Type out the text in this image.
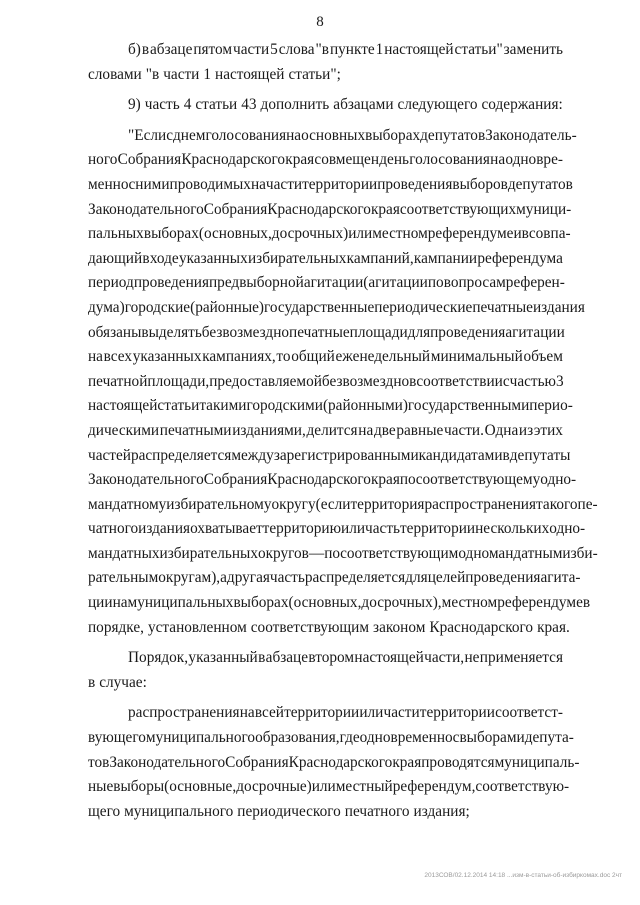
8
б) в абзаце пятом части 5 слова "в пункте 1 настоящей статьи" заменить
словами "в части 1 настоящей статьи";
9) часть 4 статьи 43 дополнить абзацами следующего содержания:
"Если с днем голосования на основных выборах депутатов Законодатель-
ного Собрания Краснодарского края совмещен день голосования на одновре-
менно с ними проводимых на части территории проведения выборов депутатов
Законодательного Собрания Краснодарского края соответствующих муници-
пальных выборах (основных, досрочных) или местном референдуме и в совпа-
дающий в ходе указанных избирательных кампаний, кампании референдума
период проведения предвыборной агитации (агитации по вопросам референ-
дума) городские (районные) государственные периодические печатные издания
обязаны выделять безвозмездно печатные площади для проведения агитации
на всех указанных кампаниях, то общий еженедельный минимальный объем
печатной площади, предоставляемой безвозмездно в соответствии с частью 3
настоящей статьи такими городскими (районными) государственными перио-
дическими печатными изданиями, делится на две равные части. Одна из этих
частей распределяется между зарегистрированными кандидатами в депутаты
Законодательного Собрания Краснодарского края по соответствующему одно-
мандатному избирательному округу (если территория распространения такого пе-
чатного издания охватывает территорию или часть территории нескольких одно-
мандатных избирательных округов — по соответствующим одномандатным изби-
рательным округам), а другая часть распределяется для целей проведения агита-
ции на муниципальных выборах (основных, досрочных), местном референдуме в
порядке, установленном соответствующим законом Краснодарского края.
Порядок, указанный в абзаце втором настоящей части, не применяется
в случае:
распространения на всей территории или части территории соответст-
вующего муниципального образования, где одновременно с выборами депута-
тов Законодательного Собрания Краснодарского края проводятся муниципаль-
ные выборы (основные, досрочные) или местный референдум, соответствую-
щего муниципального периодического печатного издания;
2013СОВ/02.12.2014 14:18 ...изм-в-статьи-об-избиркомах.doc 2чт
